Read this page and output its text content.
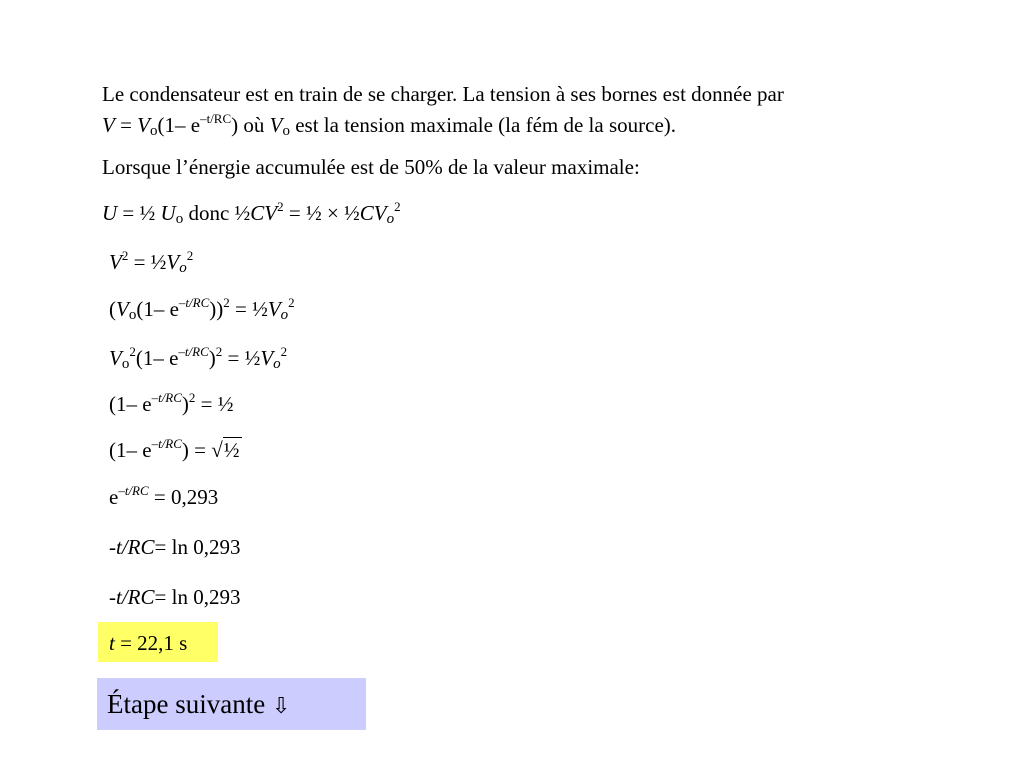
Le condensateur est en train de se charger. La tension à ses bornes est donnée par
$V = V_o(1-$ $e^{-t/RC}$) où $V_o$ est la tension maximale (la fém de la source).
Lorsque l’énergie accumulée est de 50% de la valeur maximale:
U = ½ $U_o$ donc $\frac{1}{2}CV^2$ = ½ × $\frac{1}{2}CV_o^2$
$V^2$ = $\frac{1}{2}V_o^2$
($V_o(1-$ $e^{-t/RC}))^2$ = $\frac{1}{2}V_o^2$
$V_o^2(1-$ $e^{-t/RC})^2$ = $\frac{1}{2}V_o^2$
(1– $e^{-t/RC})^2$ = ½
(1– $e^{-t/RC}$) = √½
$e^{-t/RC} = 0,293$
-t/RC= ln 0,293
-t/RC= ln 0,293
t = 22,1 s
Étape suivante ⇩
